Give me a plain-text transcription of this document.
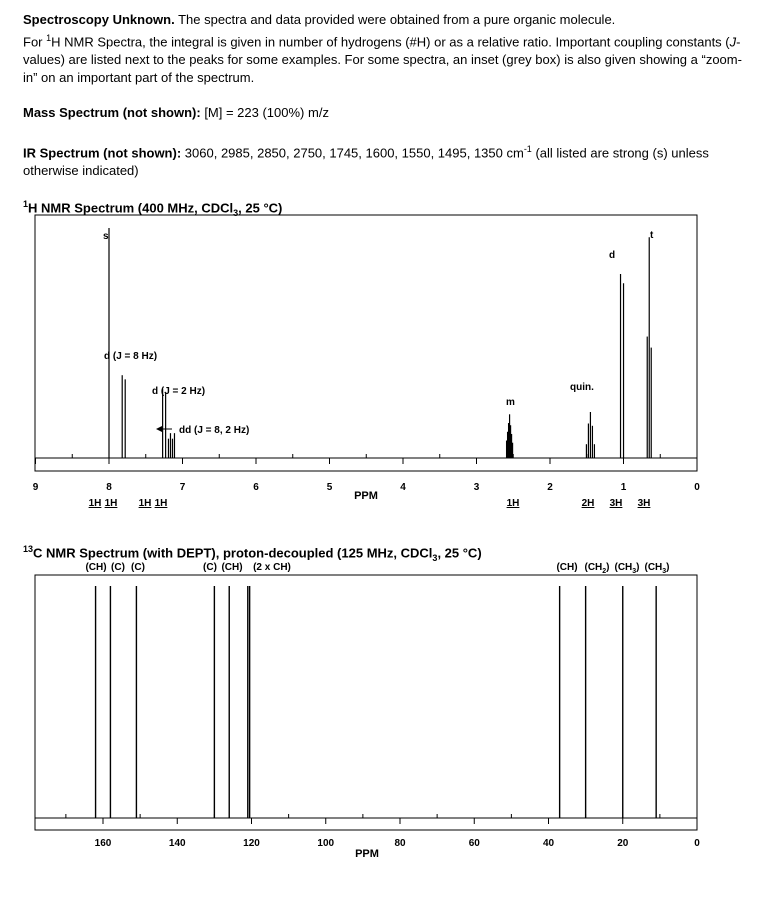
Spectroscopy Unknown. The spectra and data provided were obtained from a pure organic molecule.
For $^1$H NMR Spectra, the integral is given in number of hydrogens (#H) or as a relative ratio. Important coupling constants (J-values) are listed next to the peaks for some examples. For some spectra, an inset (grey box) is also given showing a “zoom-in” on an important part of the spectrum.
Mass Spectrum (not shown): [M] = 223 (100%) m/z
IR Spectrum (not shown): 3060, 2985, 2850, 2750, 1745, 1600, 1550, 1495, 1350 $cm^{-1}$ (all listed are strong (s) unless otherwise indicated)
$^1$H NMR Spectrum (400 MHz, CDCl$_3$, 25 °C)
$^{13}$C NMR Spectrum (with DEPT), proton-decoupled (125 MHz, CDCl$_3$, 25 °C)
9	8	7	6	5	4	3	2	1	0
s
d (J = 8 Hz)
d (J = 2 Hz)
dd (J = 8, 2 Hz)
m
quin.
d
t
1H 1H 1H 1H	1H	2H 3H 3H
PPM
(CH) (C) (C)	(C) (CH) (2 x CH)	(CH) $(CH_2)$ $(CH_3)$ $(CH_3)$
160	140	120	100	80	60	40	20	0
PPM
